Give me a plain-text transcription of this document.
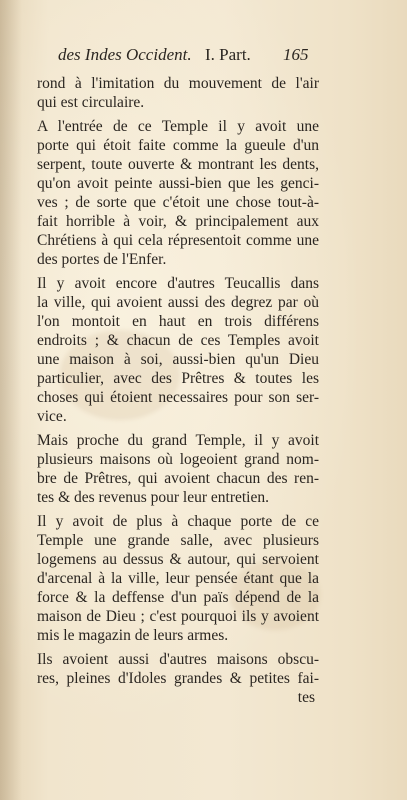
des Indes Occident. I. Part. 165
rond à l'imitation du mouvement de l'air
qui est circulaire.
A l'entrée de ce Temple il y avoit une
porte qui étoit faite comme la gueule d'un
serpent, toute ouverte & montrant les dents,
qu'on avoit peinte aussi-bien que les genci-
ves ; de sorte que c'étoit une chose tout-à-
fait horrible à voir, & principalement aux
Chrétiens à qui cela répresentoit comme une
des portes de l'Enfer.
Il y avoit encore d'autres Teucallis dans
la ville, qui avoient aussi des degrez par où
l'on montoit en haut en trois différens
endroits ; & chacun de ces Temples avoit
une maison à soi, aussi-bien qu'un Dieu
particulier, avec des Prêtres & toutes les
choses qui étoient necessaires pour son ser-
vice.
Mais proche du grand Temple, il y avoit
plusieurs maisons où logeoient grand nom-
bre de Prêtres, qui avoient chacun des ren-
tes & des revenus pour leur entretien.
Il y avoit de plus à chaque porte de ce
Temple une grande salle, avec plusieurs
logemens au dessus & autour, qui servoient
d'arcenal à la ville, leur pensée étant que la
force & la deffense d'un païs dépend de la
maison de Dieu ; c'est pourquoi ils y avoient
mis le magazin de leurs armes.
Ils avoient aussi d'autres maisons obscu-
res, pleines d'Idoles grandes & petites fai-
tes
